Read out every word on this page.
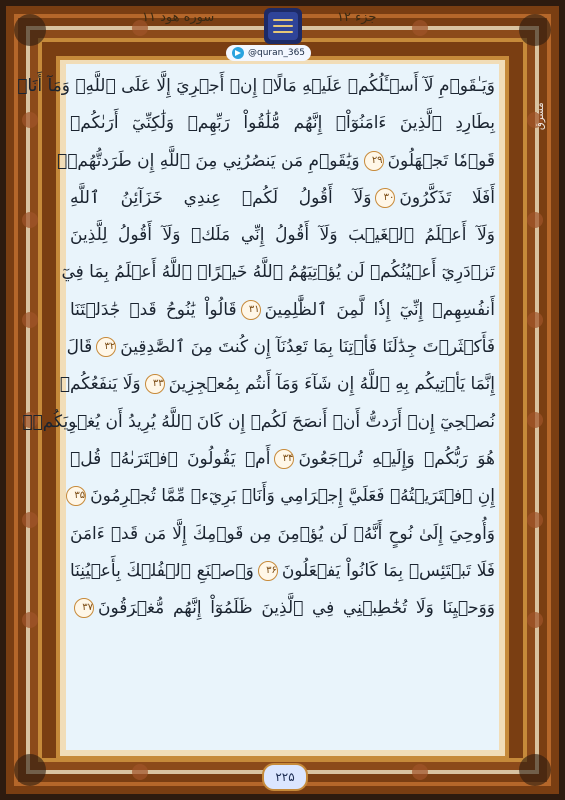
جزء ۱۲
سوره هود ۱۱
@quran_365
مشرق
وَيَـٰقَوۡمِ لَآ أَسۡـَٔلُكُمۡ عَلَيۡهِ مَالًاۖ إِنۡ أَجۡرِيَ إِلَّا عَلَى ٱللَّهِۚ وَمَآ أَنَا۠
بِطَارِدِ ٱلَّذِينَ ءَامَنُوٓاْۚ إِنَّهُم مُّلَٰقُواْ رَبِّهِمۡ وَلَٰكِنِّيٓ أَرَىٰكُمۡ
قَوۡمٗا تَجۡهَلُونَ۲۹وَيَٰقَوۡمِ مَن يَنصُرُنِي مِنَ ٱللَّهِ إِن طَرَدتُّهُمۡۚ
أَفَلَا تَذَكَّرُونَ۳۰وَلَآ أَقُولُ لَكُمۡ عِندِي خَزَآئِنُ ٱللَّهِ
وَلَآ أَعۡلَمُ ٱلۡغَيۡبَ وَلَآ أَقُولُ إِنِّي مَلَكٞ وَلَآ أَقُولُ لِلَّذِينَ
تَزۡدَرِيٓ أَعۡيُنُكُمۡ لَن يُؤۡتِيَهُمُ ٱللَّهُ خَيۡرًاۖ ٱللَّهُ أَعۡلَمُ بِمَا فِيٓ
أَنفُسِهِمۡ إِنِّيٓ إِذٗا لَّمِنَ ٱلظَّٰلِمِينَ۳۱قَالُواْ يَٰنُوحُ قَدۡ جَٰدَلۡتَنَا
فَأَكۡثَرۡتَ جِدَٰلَنَا فَأۡتِنَا بِمَا تَعِدُنَآ إِن كُنتَ مِنَ ٱلصَّٰدِقِينَ۳۲قَالَ
إِنَّمَا يَأۡتِيكُم بِهِ ٱللَّهُ إِن شَآءَ وَمَآ أَنتُم بِمُعۡجِزِينَ۳۳وَلَا يَنفَعُكُمۡ
نُصۡحِيٓ إِنۡ أَرَدتُّ أَنۡ أَنصَحَ لَكُمۡ إِن كَانَ ٱللَّهُ يُرِيدُ أَن يُغۡوِيَكُمۡۚ
هُوَ رَبُّكُمۡ وَإِلَيۡهِ تُرۡجَعُونَ۳۴أَمۡ يَقُولُونَ ٱفۡتَرَىٰهُۖ قُلۡ
إِنِ ٱفۡتَرَيۡتُهُۥ فَعَلَيَّ إِجۡرَامِي وَأَنَا۠ بَرِيٓءٞ مِّمَّا تُجۡرِمُونَ۳۵
وَأُوحِيَ إِلَىٰ نُوحٍ أَنَّهُۥ لَن يُؤۡمِنَ مِن قَوۡمِكَ إِلَّا مَن قَدۡ ءَامَنَ
فَلَا تَبۡتَئِسۡ بِمَا كَانُواْ يَفۡعَلُونَ۳۶وَٱصۡنَعِ ٱلۡفُلۡكَ بِأَعۡيُنِنَا
وَوَحۡيِنَا وَلَا تُخَٰطِبۡنِي فِي ٱلَّذِينَ ظَلَمُوٓاْ إِنَّهُم مُّغۡرَقُونَ۳۷
۲۲۵
